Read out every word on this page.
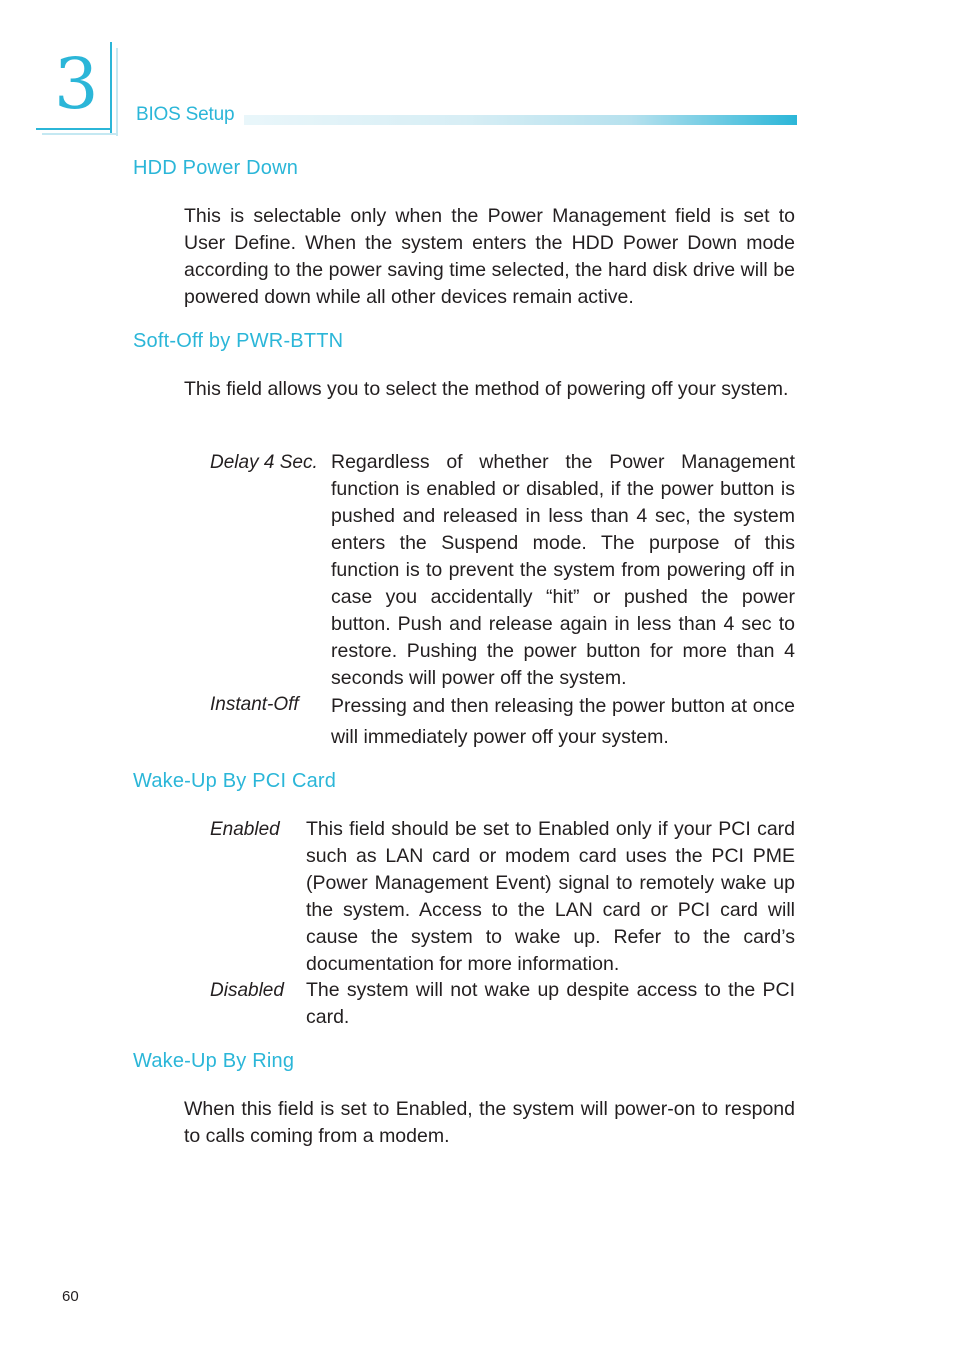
3 BIOS Setup
HDD Power Down
This is selectable only when the Power Management field is set to User Define. When the system enters the HDD Power Down mode according to the power saving time selected, the hard disk drive will be powered down while all other devices remain active.
Soft-Off by PWR-BTTN
This field allows you to select the method of powering off your system.
Delay 4 Sec. Regardless of whether the Power Management function is enabled or disabled, if the power button is pushed and released in less than 4 sec, the system enters the Suspend mode. The purpose of this function is to prevent the system from powering off in case you accidentally “hit” or pushed the power button. Push and release again in less than 4 sec to restore. Pushing the power button for more than 4 seconds will power off the system.
Instant-Off Pressing and then releasing the power button at once will immediately power off your system.
Wake-Up By PCI Card
Enabled This field should be set to Enabled only if your PCI card such as LAN card or modem card uses the PCI PME (Power Management Event) signal to remotely wake up the system. Access to the LAN card or PCI card will cause the system to wake up. Refer to the card’s documentation for more information.
Disabled The system will not wake up despite access to the PCI card.
Wake-Up By Ring
When this field is set to Enabled, the system will power-on to respond to calls coming from a modem.
60
